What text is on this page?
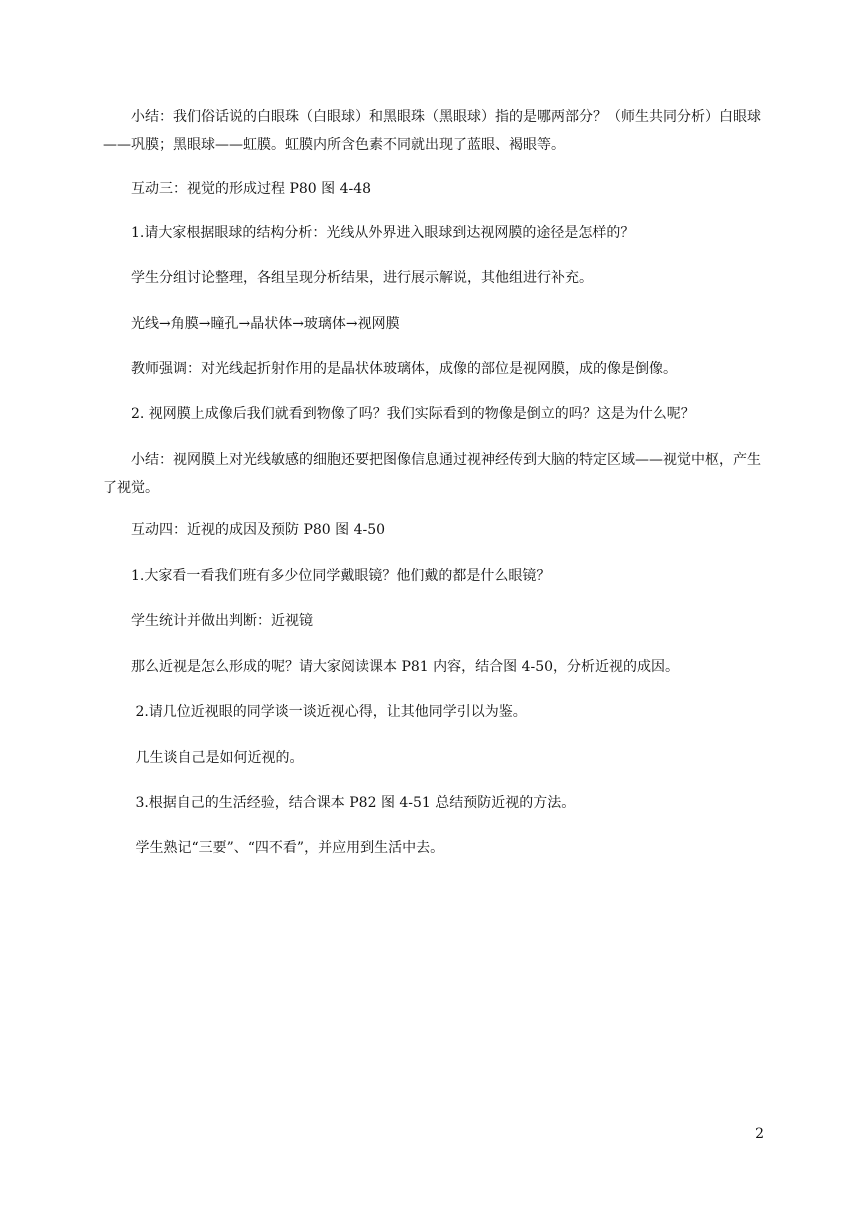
　　小结：我们俗话说的白眼珠（白眼球）和黑眼珠（黑眼球）指的是哪两部分？（师生共同分析）白眼球——巩膜；黑眼球——虹膜。虹膜内所含色素不同就出现了蓝眼、褐眼等。

　　互动三：视觉的形成过程 P80 图 4-48

　　1.请大家根据眼球的结构分析：光线从外界进入眼球到达视网膜的途径是怎样的？

　　学生分组讨论整理，各组呈现分析结果，进行展示解说，其他组进行补充。

　　光线→角膜→瞳孔→晶状体→玻璃体→视网膜

　　教师强调：对光线起折射作用的是晶状体玻璃体，成像的部位是视网膜，成的像是倒像。

　　2. 视网膜上成像后我们就看到物像了吗？我们实际看到的物像是倒立的吗？这是为什么呢？

　　小结：视网膜上对光线敏感的细胞还要把图像信息通过视神经传到大脑的特定区域——视觉中枢，产生了视觉。

　　互动四：近视的成因及预防 P80 图 4-50

　　1.大家看一看我们班有多少位同学戴眼镜？他们戴的都是什么眼镜？

　　学生统计并做出判断：近视镜

　　那么近视是怎么形成的呢？请大家阅读课本 P81 内容，结合图 4-50，分析近视的成因。

　　 2.请几位近视眼的同学谈一谈近视心得，让其他同学引以为鉴。

　　 几生谈自己是如何近视的。

　　 3.根据自己的生活经验，结合课本 P82 图 4-51 总结预防近视的方法。

　　 学生熟记“三要”、“四不看”，并应用到生活中去。

2
